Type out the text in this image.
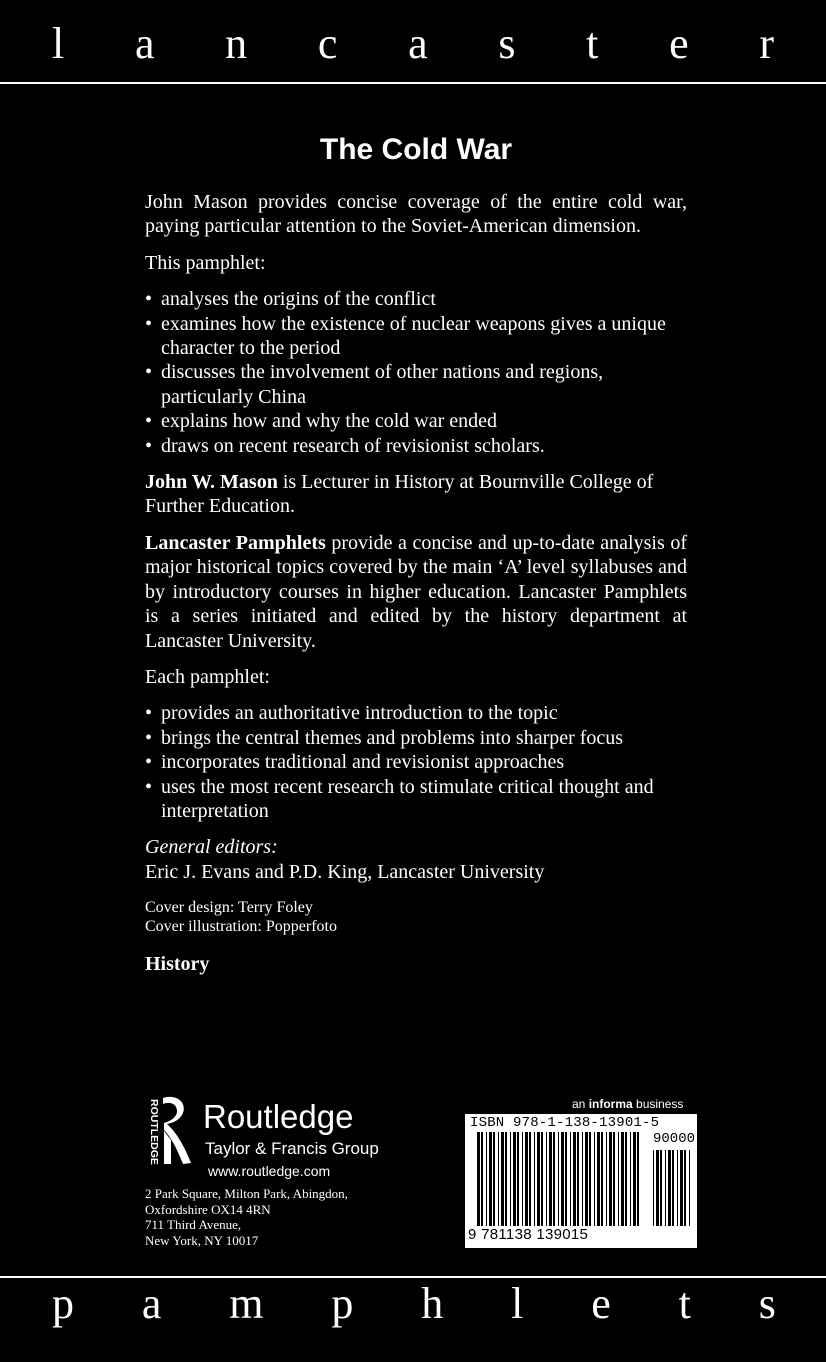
l a n c a s t e r
The Cold War

John Mason provides concise coverage of the entire cold war, paying particular attention to the Soviet-American dimension.

This pamphlet:

• analyses the origins of the conflict
• examines how the existence of nuclear weapons gives a unique character to the period
• discusses the involvement of other nations and regions, particularly China
• explains how and why the cold war ended
• draws on recent research of revisionist scholars.

John W. Mason is Lecturer in History at Bournville College of Further Education.

Lancaster Pamphlets provide a concise and up-to-date analysis of major historical topics covered by the main ‘A’ level syllabuses and by introductory courses in higher education. Lancaster Pamphlets is a series initiated and edited by the history department at Lancaster University.

Each pamphlet:

• provides an authoritative introduction to the topic
• brings the central themes and problems into sharper focus
• incorporates traditional and revisionist approaches
• uses the most recent research to stimulate critical thought and interpretation

General editors:

Eric J. Evans and P.D. King, Lancaster University

Cover design: Terry Foley

Cover illustration: Popperfoto

History

ROUTLEDGE Routledge
Taylor & Francis Group
www.routledge.com
2 Park Square, Milton Park, Abingdon,
Oxfordshire OX14 4RN
711 Third Avenue,
New York, NY 10017
an informa business
ISBN 978-1-138-13901-5
90000
9 781138 139015
p a m p h l e t s
